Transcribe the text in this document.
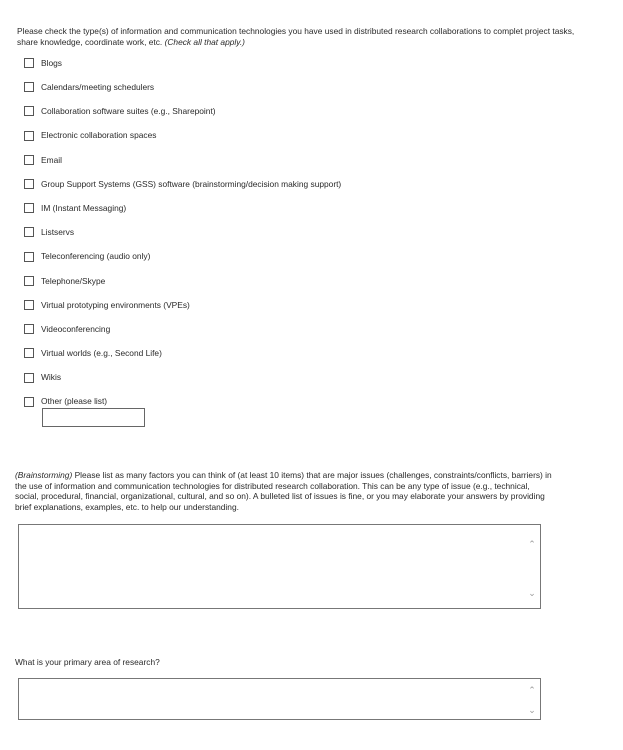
Please check the type(s) of information and communication technologies you have used in distributed research collaborations to complet project tasks, share knowledge, coordinate work, etc. (Check all that apply.)
Blogs
Calendars/meeting schedulers
Collaboration software suites (e.g., Sharepoint)
Electronic collaboration spaces
Email
Group Support Systems (GSS) software (brainstorming/decision making support)
IM (Instant Messaging)
Listservs
Teleconferencing (audio only)
Telephone/Skype
Virtual prototyping environments (VPEs)
Videoconferencing
Virtual worlds (e.g., Second Life)
Wikis
Other (please list)
(Brainstorming) Please list as many factors you can think of (at least 10 items) that are major issues (challenges, constraints/conflicts, barriers) in the use of information and communication technologies for distributed research collaboration. This can be any type of issue (e.g., technical, social, procedural, financial, organizational, cultural, and so on). A bulleted list of issues is fine, or you may elaborate your answers by providing brief explanations, examples, etc. to help our understanding.
⌃
⌄
What is your primary area of research?
⌃
⌄
